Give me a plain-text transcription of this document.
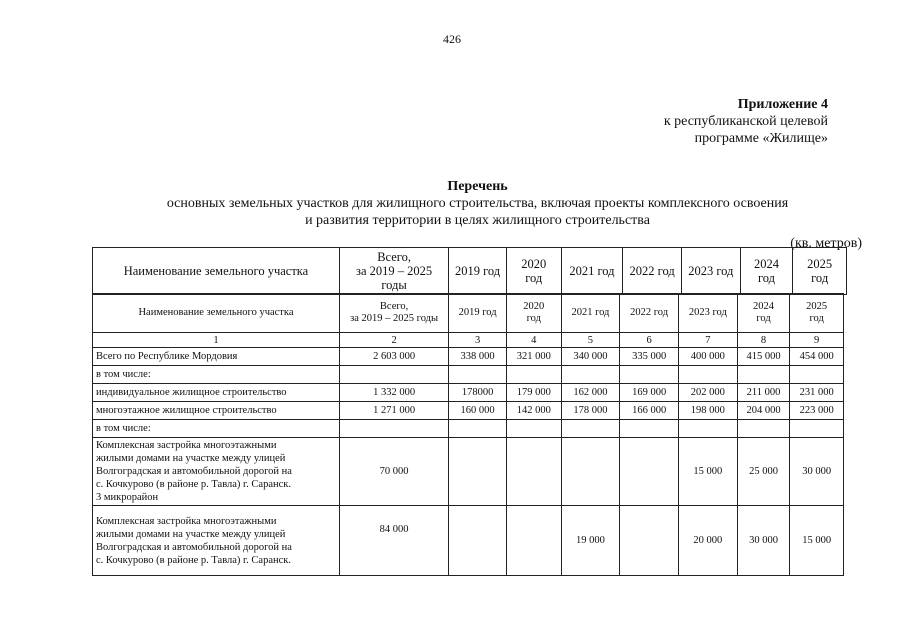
426
Приложение 4
к республиканской целевой
программе «Жилище»
Перечень
основных земельных участков для жилищного строительства, включая проекты комплексного освоения
и развития территории в целях жилищного строительства
(кв. метров)
Наименование земельного участка	Всего,
за 2019 – 2025
годы	2019 год	2020
год	2021 год	2022 год	2023 год	2024
год	2025
год
Наименование земельного участка	Всего,
за 2019 – 2025 годы	2019 год	2020
год	2021 год	2022 год	2023 год	2024
год	2025
год
1	2	3	4	5	6	7	8	9
Всего по Республике Мордовия	2 603 000	338 000	321 000	340 000	335 000	400 000	415 000	454 000
в том числе:								
индивидуальное жилищное строительство	1 332 000	178000	179 000	162 000	169 000	202 000	211 000	231 000
многоэтажное жилищное строительство	1 271 000	160 000	142 000	178 000	166 000	198 000	204 000	223 000
в том числе:								
Комплексная застройка многоэтажными
жилыми домами на участке между улицей
Волгоградская и автомобильной дорогой на
с. Кочкурово (в районе р. Тавла) г. Саранск.
3 микрорайон	70 000					15 000	25 000	30 000
Комплексная застройка многоэтажными
жилыми домами на участке между улицей
Волгоградская и автомобильной дорогой на
с. Кочкурово (в районе р. Тавла) г. Саранск.	84 000			19 000		20 000	30 000	15 000
